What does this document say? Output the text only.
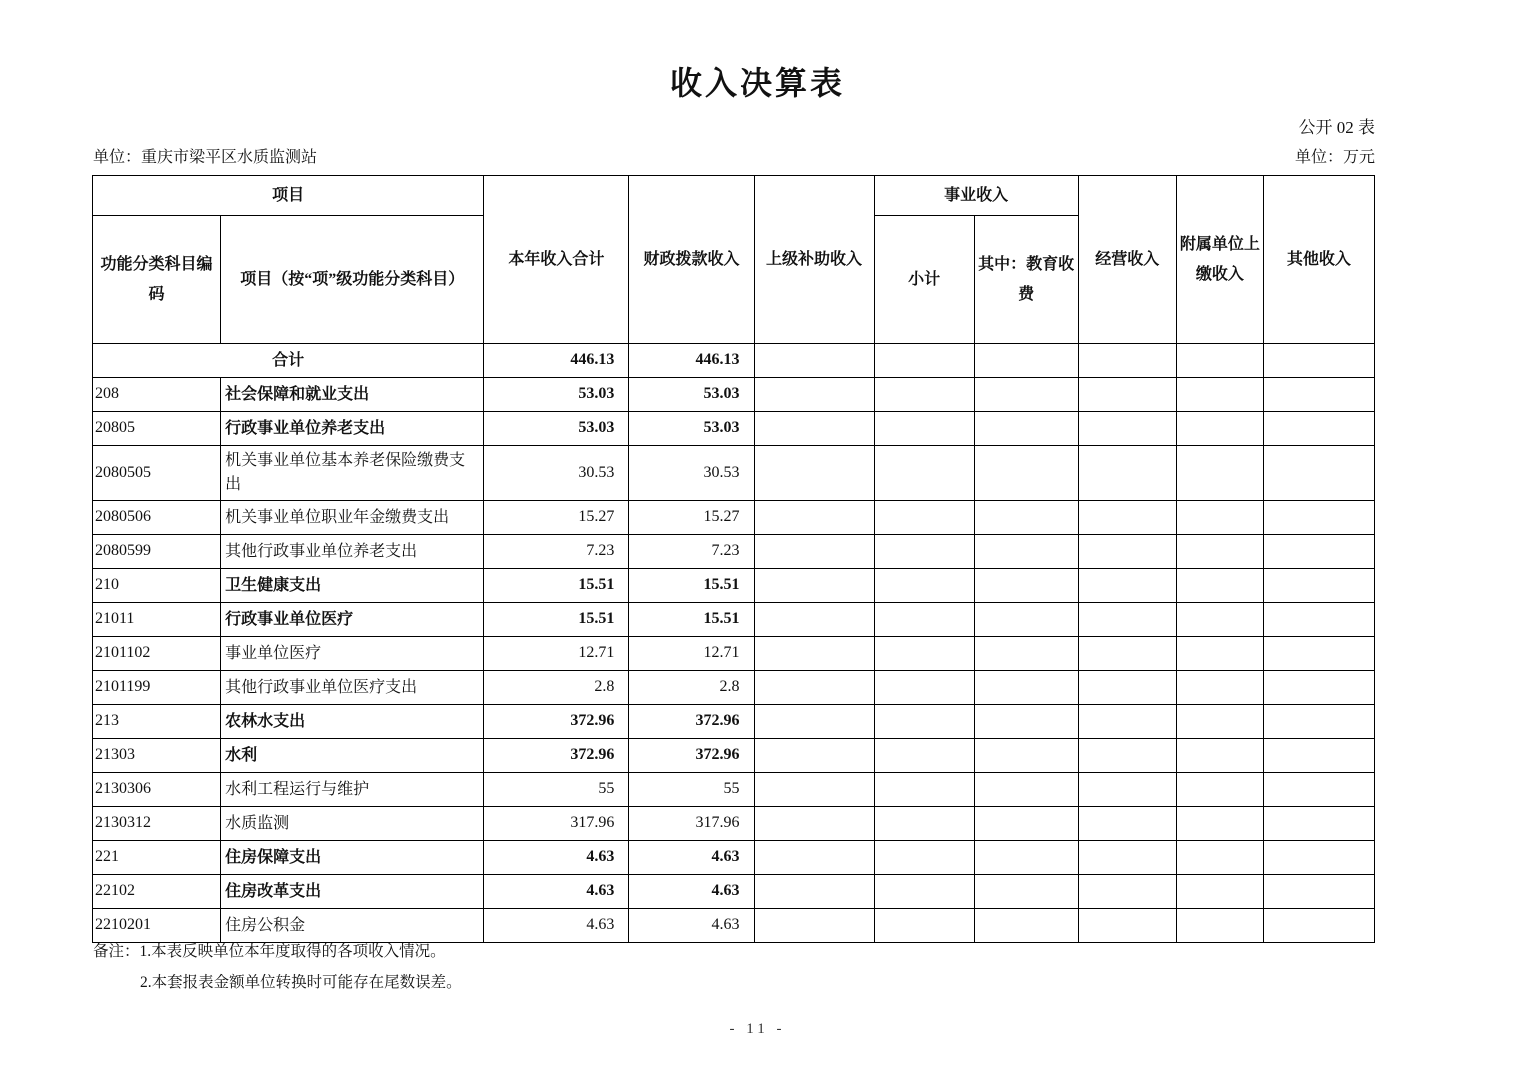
收入决算表
公开 02 表
单位：重庆市梁平区水质监测站	单位：万元
项目		本年收入合计	财政拨款收入	上级补助收入	事业收入		经营收入	附属单位上缴收入	其他收入
功能分类科目编码	项目（按“项”级功能分类科目）				小计	其中：教育收费			
合计		446.13	446.13						
208	社会保障和就业支出	53.03	53.03						
20805	行政事业单位养老支出	53.03	53.03						
2080505	机关事业单位基本养老保险缴费支出	30.53	30.53						
2080506	机关事业单位职业年金缴费支出	15.27	15.27						
2080599	其他行政事业单位养老支出	7.23	7.23						
210	卫生健康支出	15.51	15.51						
21011	行政事业单位医疗	15.51	15.51						
2101102	事业单位医疗	12.71	12.71						
2101199	其他行政事业单位医疗支出	2.8	2.8						
213	农林水支出	372.96	372.96						
21303	水利	372.96	372.96						
2130306	水利工程运行与维护	55	55						
2130312	水质监测	317.96	317.96						
221	住房保障支出	4.63	4.63						
22102	住房改革支出	4.63	4.63						
2210201	住房公积金	4.63	4.63						
备注：1.本表反映单位本年度取得的各项收入情况。
2.本套报表金额单位转换时可能存在尾数误差。
- 11 -
